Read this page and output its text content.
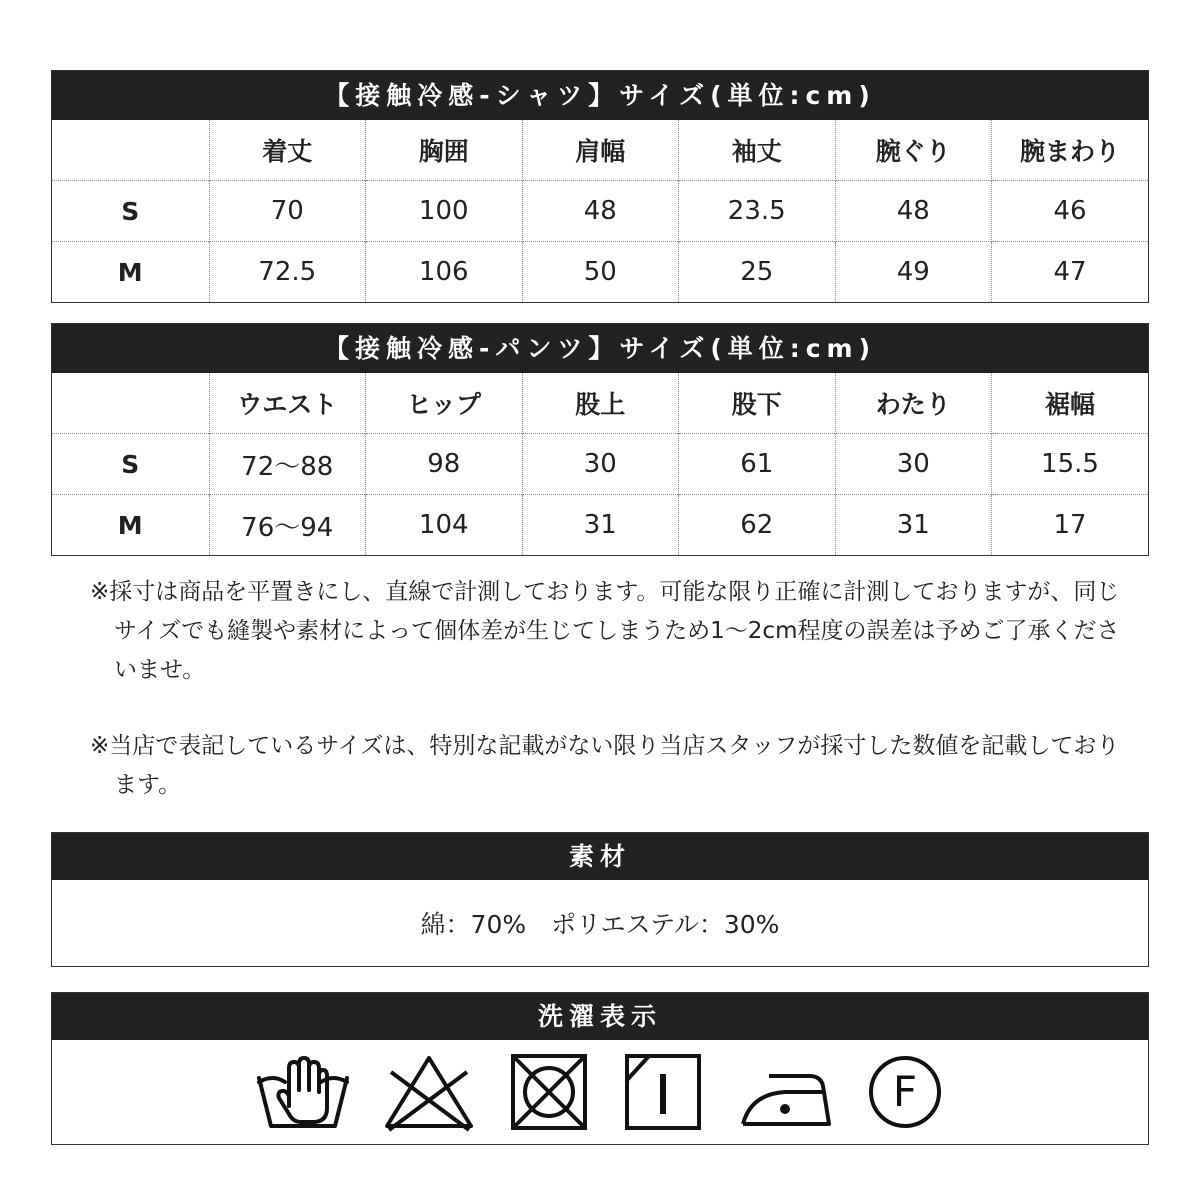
【接触冷感-シャツ】サイズ(単位:cm)
	着丈	胸囲	肩幅	袖丈	腕ぐり	腕まわり
S	70	100	48	23.5	48	46
M	72.5	106	50	25	49	47
【接触冷感-パンツ】サイズ(単位:cm)
	ウエスト	ヒップ	股上	股下	わたり	裾幅
S	72～88	98	30	61	30	15.5
M	76～94	104	31	62	31	17

※採寸は商品を平置きにし、直線で計測しております。可能な限り正確に計測しておりますが、同じサイズでも縫製や素材によって個体差が生じてしまうため1～2cm程度の誤差は予めご了承くださいませ。

※当店で表記しているサイズは、特別な記載がない限り当店スタッフが採寸した数値を記載しております。

素材
綿：70%　ポリエステル：30%
洗濯表示
F
